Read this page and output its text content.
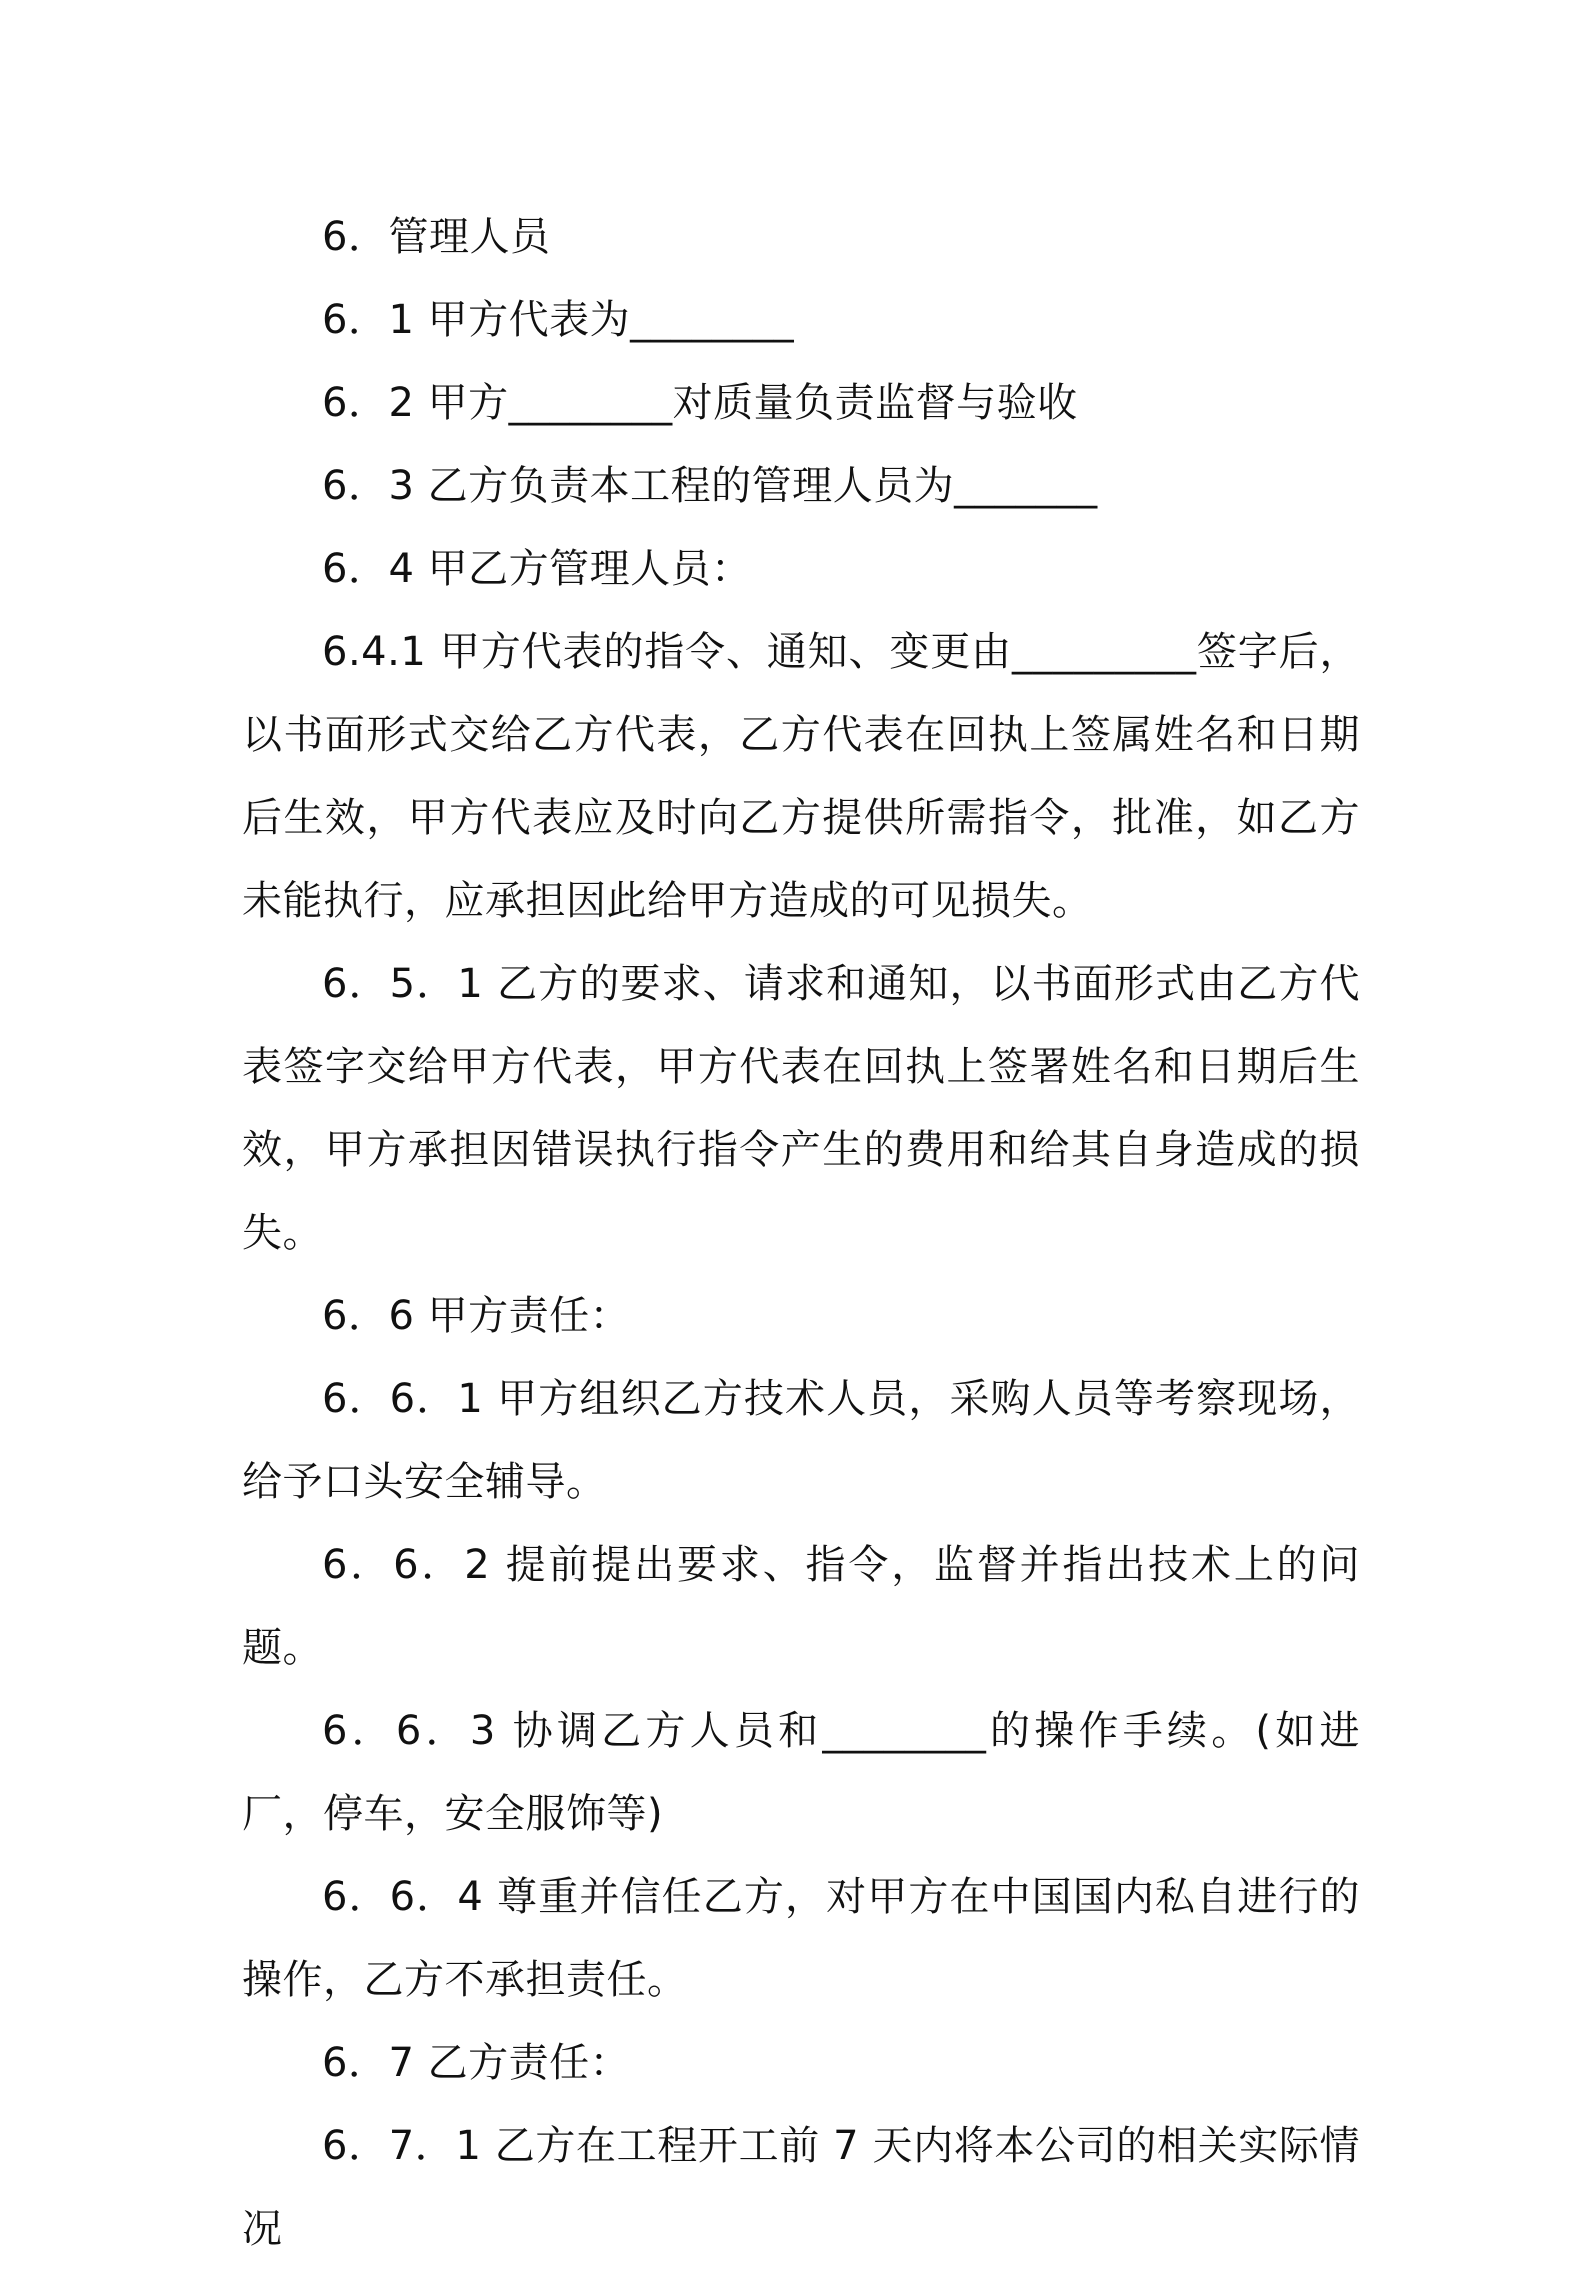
6．管理人员

6．1 甲方代表为________

6．2 甲方________对质量负责监督与验收

6．3 乙方负责本工程的管理人员为_______

6．4 甲乙方管理人员：

6.4.1 甲方代表的指令、通知、变更由_________签字后，以书面形式交给乙方代表，乙方代表在回执上签属姓名和日期后生效，甲方代表应及时向乙方提供所需指令，批准，如乙方未能执行，应承担因此给甲方造成的可见损失。

6．5．1 乙方的要求、请求和通知，以书面形式由乙方代表签字交给甲方代表，甲方代表在回执上签署姓名和日期后生效，甲方承担因错误执行指令产生的费用和给其自身造成的损失。

6．6 甲方责任：

6．6．1 甲方组织乙方技术人员，采购人员等考察现场，给予口头安全辅导。

6．6．2 提前提出要求、指令，监督并指出技术上的问题。

6．6．3 协调乙方人员和________的操作手续。(如进厂，停车，安全服饰等)

6．6．4 尊重并信任乙方，对甲方在中国国内私自进行的操作，乙方不承担责任。

6．7 乙方责任：

6．7．1 乙方在工程开工前 7 天内将本公司的相关实际情况
